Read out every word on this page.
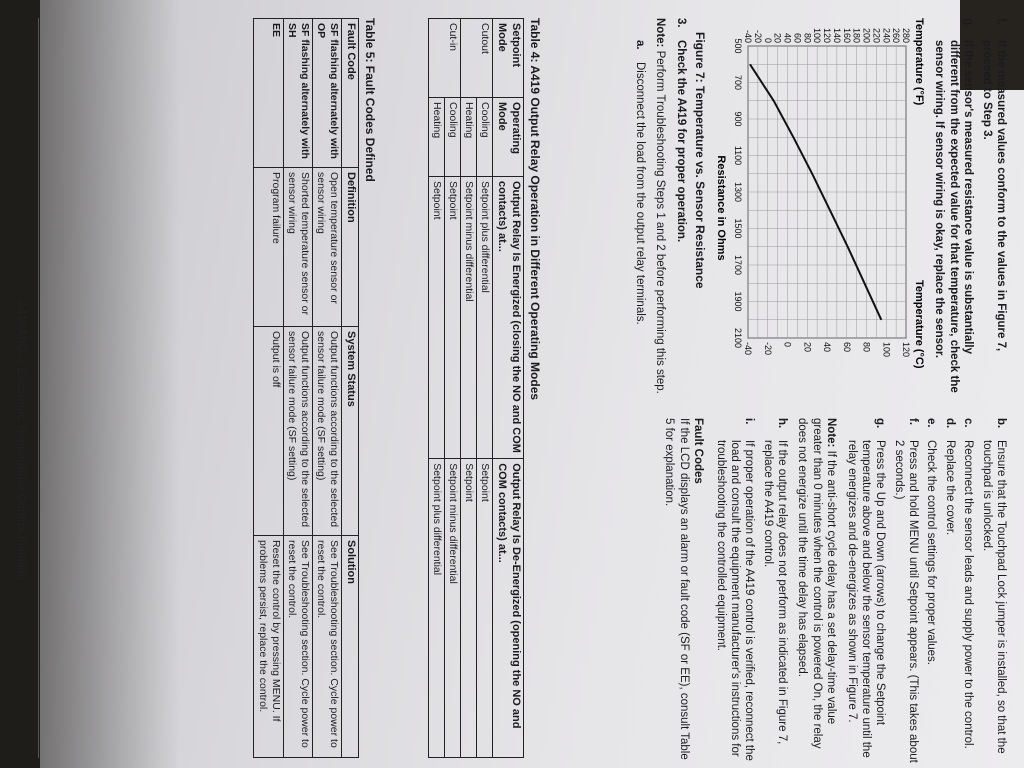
f.
If the measured values conform to the values in Figure 7, proceed to Step 3.
g.
If the sensor's measured resistance value is substantially different from the expected value for that temperature, check the sensor wiring. If sensor wiring is okay, replace the sensor.
Temperature (°F)
Temperature (°C)
Resistance in Ohms
500
700
900
1100
1300
1500
1700
1900
2100
280
260
240
220
200
180
160
140
120
100
80
60
40
20
0
-20
-40
120
100
80
60
40
20
0
-20
-40
Figure 7: Temperature vs. Sensor Resistance
3.
Check the A419 for proper operation.
Note: Perform Troubleshooting Steps 1 and 2 before performing this step.
a.
Disconnect the load from the output relay terminals.
b.
Ensure that the Touchpad Lock jumper is installed, so that the touchpad is unlocked.
c.
Reconnect the sensor leads and supply power to the control.
d.
Replace the cover.
e.
Check the control settings for proper values.
f.
Press and hold MENU until Setpoint appears. (This takes about 2 seconds.)
g.
Press the Up and Down (arrows) to change the Setpoint temperature above and below the sensor temperature until the relay energizes and de-energizes as shown in Figure 7.
Note: If the anti-short cycle delay has a set delay-time value greater than 0 minutes when the control is powered On, the relay does not energize until the time delay has elapsed.
h.
If the output relay does not perform as indicated in Figure 7, replace the A419 control.
i.
If proper operation of the A419 control is verified, reconnect the load and consult the equipment manufacturer's instructions for troubleshooting the controlled equipment.
Fault Codes
If the LCD displays an alarm or fault code (SF or EE), consult Table 5 for explanation.
Table 4: A419 Output Relay Operation in Different Operating Modes
Setpoint Mode	Operating Mode	Output Relay Is Energized (closing the NO and COM contacts) at...	Output Relay Is De-Energized (opening the NO and COM contacts) at...
Cutout	Cooling	Setpoint plus differential	Setpoint
	Heating	Setpoint minus differential	Setpoint
Cut-in	Cooling	Setpoint	Setpoint minus differential
	Heating	Setpoint	Setpoint plus differential
Table 5: Fault Codes Defined
Fault Code	Definition	System Status	Solution
SF flashing alternately with OP	Open temperature sensor or sensor wiring	Output functions according to the selected sensor failure mode (SF setting)	See Troubleshooting section. Cycle power to reset the control.
SF flashing alternately with SH	Shorted temperature sensor or sensor wiring	Output functions according to the selected sensor failure mode (SF setting)	See Troubleshooting section. Cycle power to reset the control.
EE	Program failure	Output is off	Reset the control by pressing MENU. If problems persist, replace the control.
A419ABG-3 Electronic Temperature Control Installati
